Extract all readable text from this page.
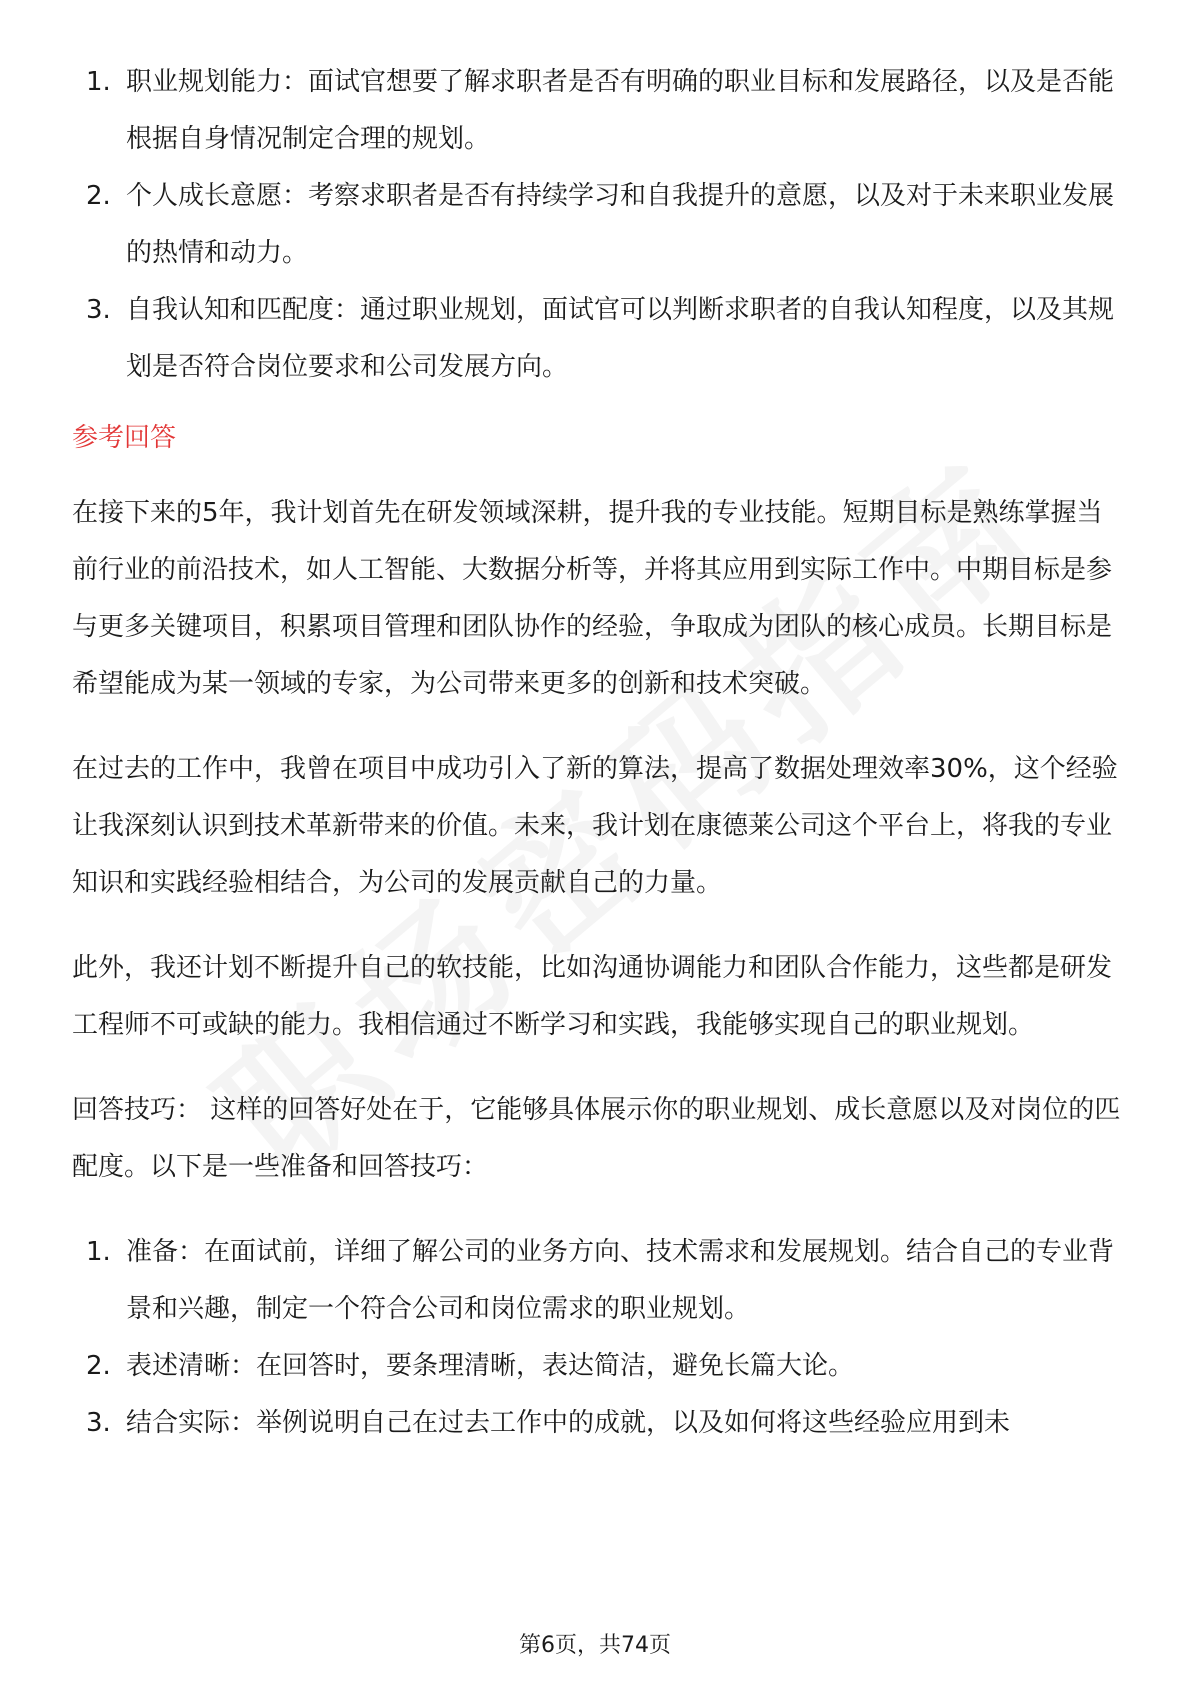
1. 职业规划能力：面试官想要了解求职者是否有明确的职业目标和发展路径，以及是否能根据自身情况制定合理的规划。
2. 个人成长意愿：考察求职者是否有持续学习和自我提升的意愿，以及对于未来职业发展的热情和动力。
3. 自我认知和匹配度：通过职业规划，面试官可以判断求职者的自我认知程度，以及其规划是否符合岗位要求和公司发展方向。
参考回答

在接下来的5年，我计划首先在研发领域深耕，提升我的专业技能。短期目标是熟练掌握当前行业的前沿技术，如人工智能、大数据分析等，并将其应用到实际工作中。中期目标是参与更多关键项目，积累项目管理和团队协作的经验，争取成为团队的核心成员。长期目标是希望能成为某一领域的专家，为公司带来更多的创新和技术突破。

在过去的工作中，我曾在项目中成功引入了新的算法，提高了数据处理效率30%，这个经验让我深刻认识到技术革新带来的价值。未来，我计划在康德莱公司这个平台上，将我的专业知识和实践经验相结合，为公司的发展贡献自己的力量。

此外，我还计划不断提升自己的软技能，比如沟通协调能力和团队合作能力，这些都是研发工程师不可或缺的能力。我相信通过不断学习和实践，我能够实现自己的职业规划。

回答技巧： 这样的回答好处在于，它能够具体展示你的职业规划、成长意愿以及对岗位的匹配度。以下是一些准备和回答技巧：

1. 准备：在面试前，详细了解公司的业务方向、技术需求和发展规划。结合自己的专业背景和兴趣，制定一个符合公司和岗位需求的职业规划。
2. 表述清晰：在回答时，要条理清晰，表达简洁，避免长篇大论。
3. 结合实际：举例说明自己在过去工作中的成就，以及如何将这些经验应用到未
第6页，共74页
